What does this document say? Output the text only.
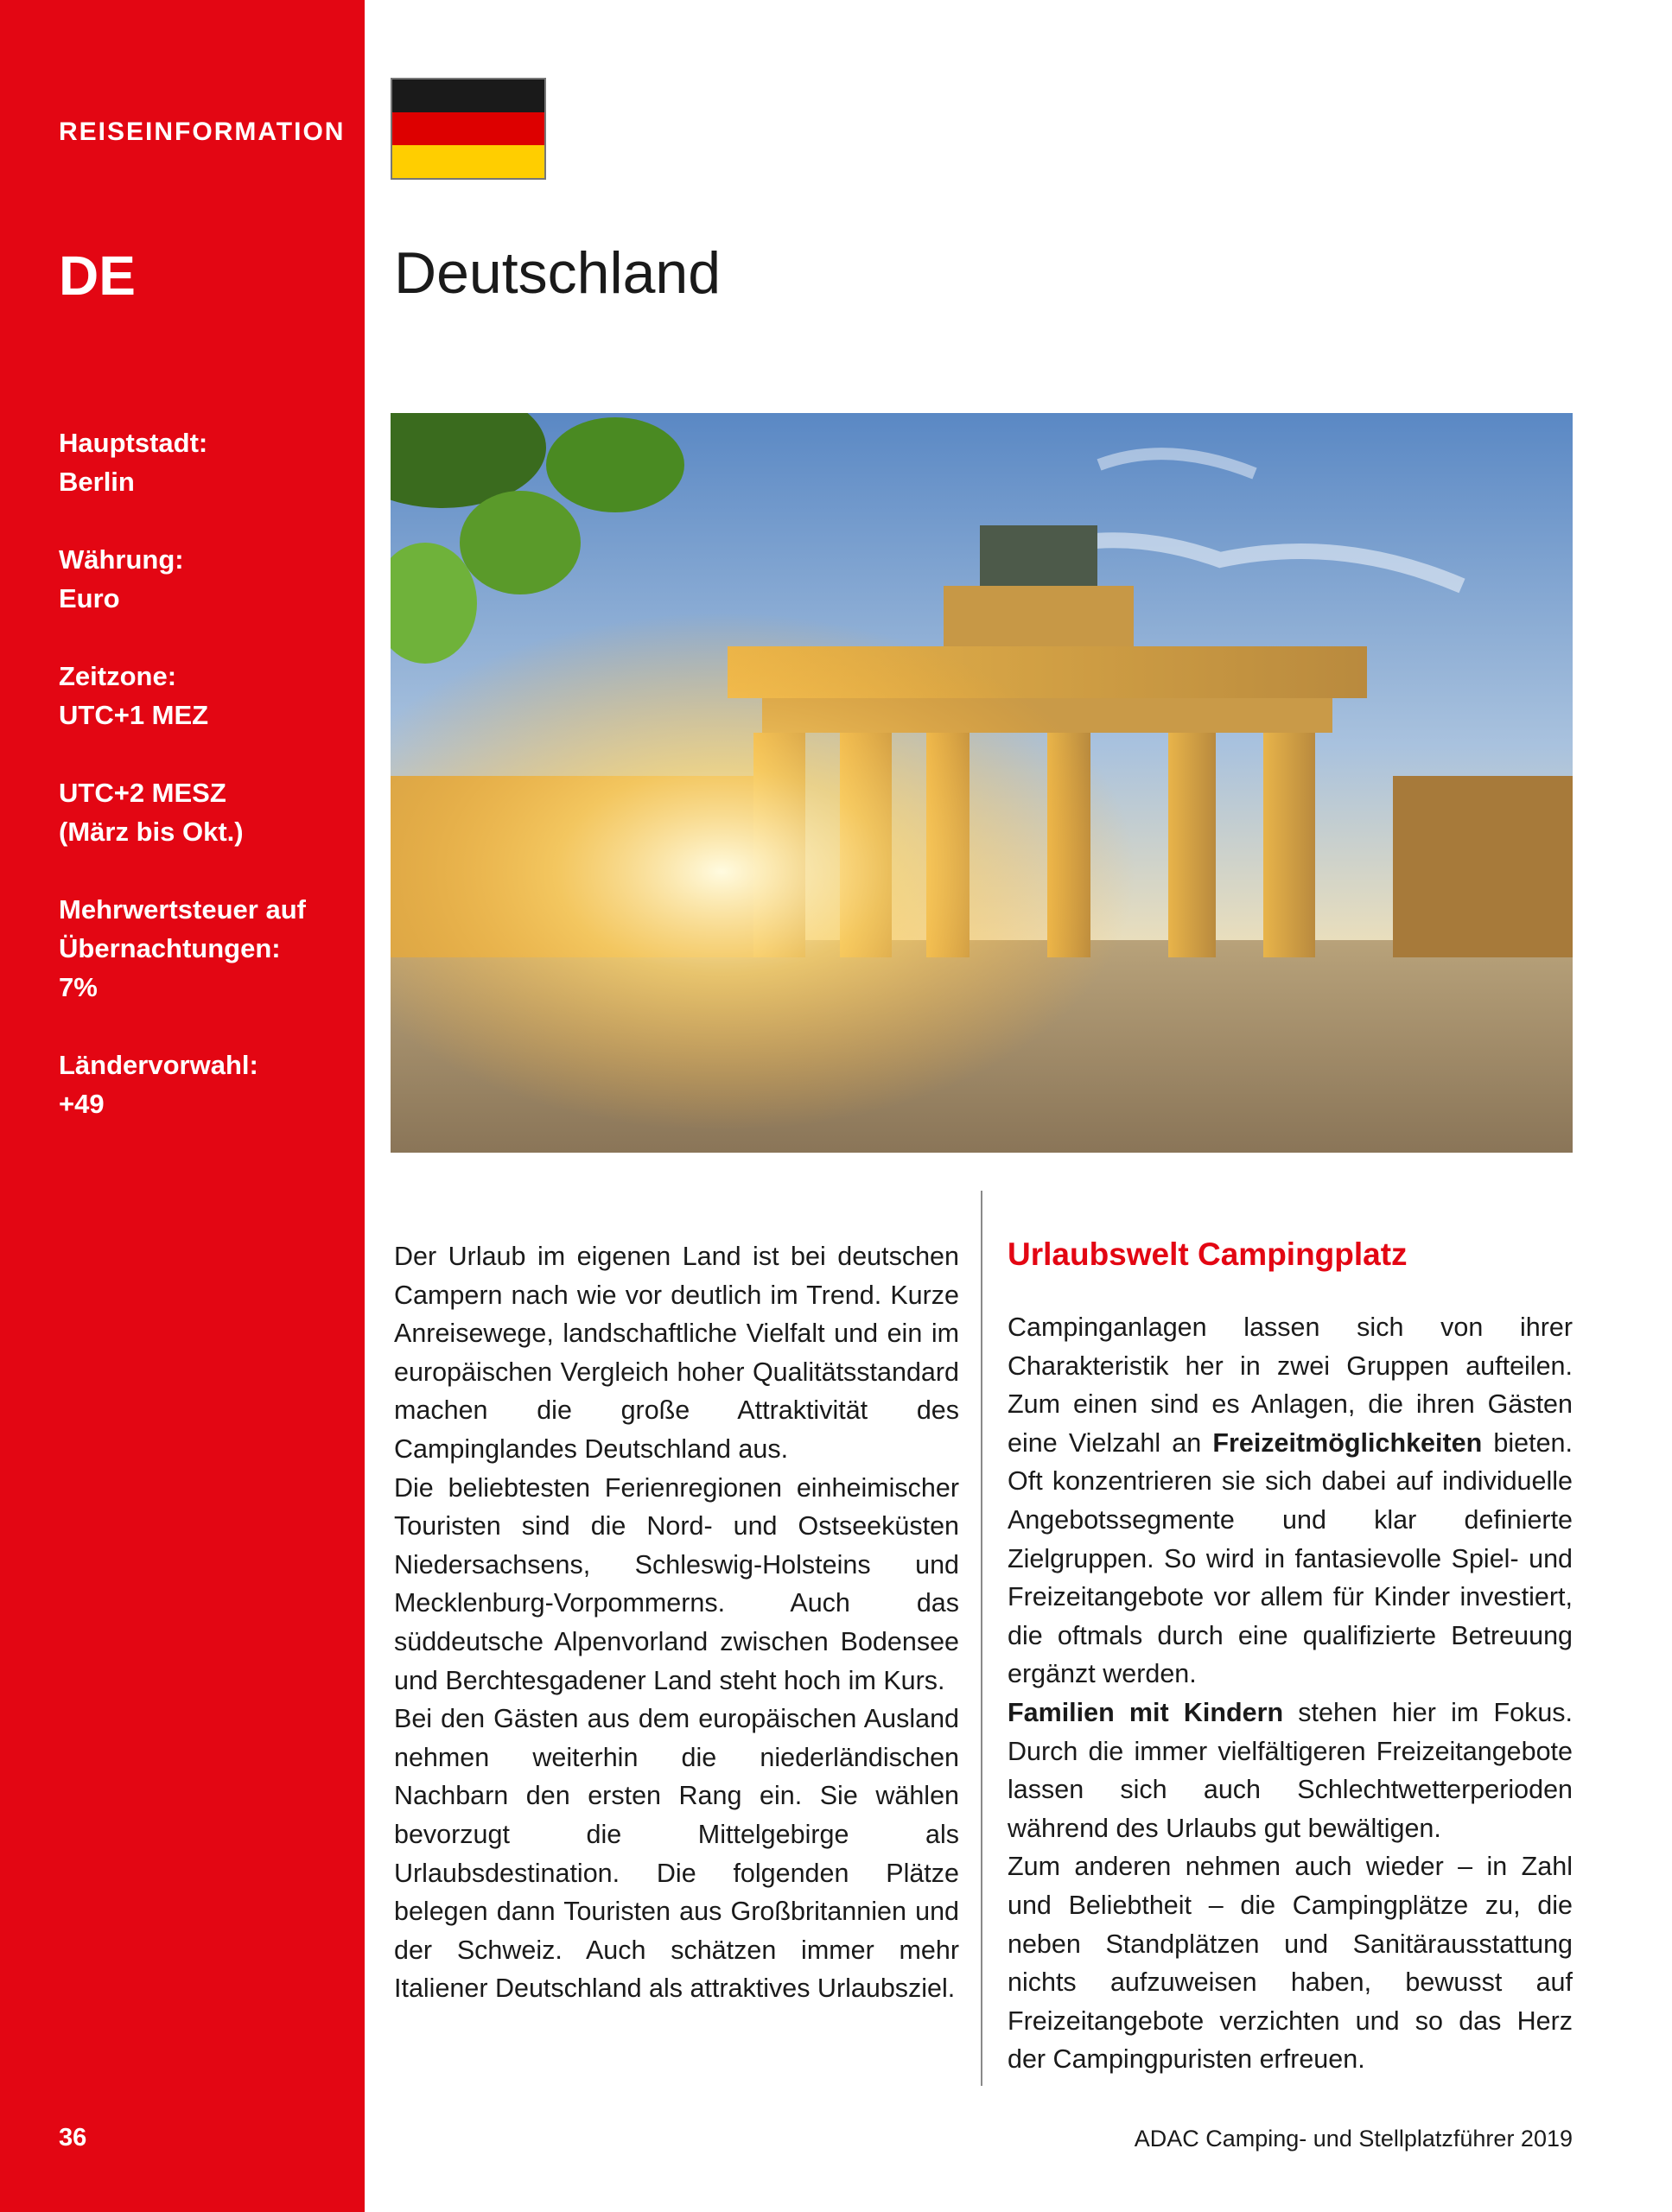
REISEINFORMATION
DE
Hauptstadt:
Berlin
Währung:
Euro
Zeitzone:
UTC+1 MEZ
UTC+2 MESZ
(März bis Okt.)
Mehrwertsteuer auf Übernachtungen:
7%
Ländervorwahl:
+49
36
Deutschland

Der Urlaub im eigenen Land ist bei deutschen Campern nach wie vor deutlich im Trend. Kurze Anreisewege, landschaftliche Vielfalt und ein im europäischen Vergleich hoher Qualitätsstandard machen die große Attraktivität des Campinglandes Deutschland aus.

Die beliebtesten Ferienregionen einheimischer Touristen sind die Nord- und Ostseeküsten Niedersachsens, Schleswig-Holsteins und Mecklenburg-Vorpommerns. Auch das süddeutsche Alpenvorland zwischen Bodensee und Berchtesgadener Land steht hoch im Kurs.

Bei den Gästen aus dem europäischen Ausland nehmen weiterhin die niederländischen Nachbarn den ersten Rang ein. Sie wählen bevorzugt die Mittelgebirge als Urlaubsdestination. Die folgenden Plätze belegen dann Touristen aus Großbritannien und der Schweiz. Auch schätzen immer mehr Italiener Deutschland als attraktives Urlaubsziel.

Urlaubswelt Campingplatz

Campinganlagen lassen sich von ihrer Charakteristik her in zwei Gruppen aufteilen. Zum einen sind es Anlagen, die ihren Gästen eine Vielzahl an Freizeitmöglichkeiten bieten. Oft konzentrieren sie sich dabei auf individuelle Angebotssegmente und klar definierte Zielgruppen. So wird in fantasievolle Spiel- und Freizeitangebote vor allem für Kinder investiert, die oftmals durch eine qualifizierte Betreuung ergänzt werden.

Familien mit Kindern stehen hier im Fokus. Durch die immer vielfältigeren Freizeitangebote lassen sich auch Schlechtwetterperioden während des Urlaubs gut bewältigen.

Zum anderen nehmen auch wieder – in Zahl und Beliebtheit – die Campingplätze zu, die neben Standplätzen und Sanitärausstattung nichts aufzuweisen haben, bewusst auf Freizeitangebote verzichten und so das Herz der Campingpuristen erfreuen.

ADAC Camping- und Stellplatzführer 2019
